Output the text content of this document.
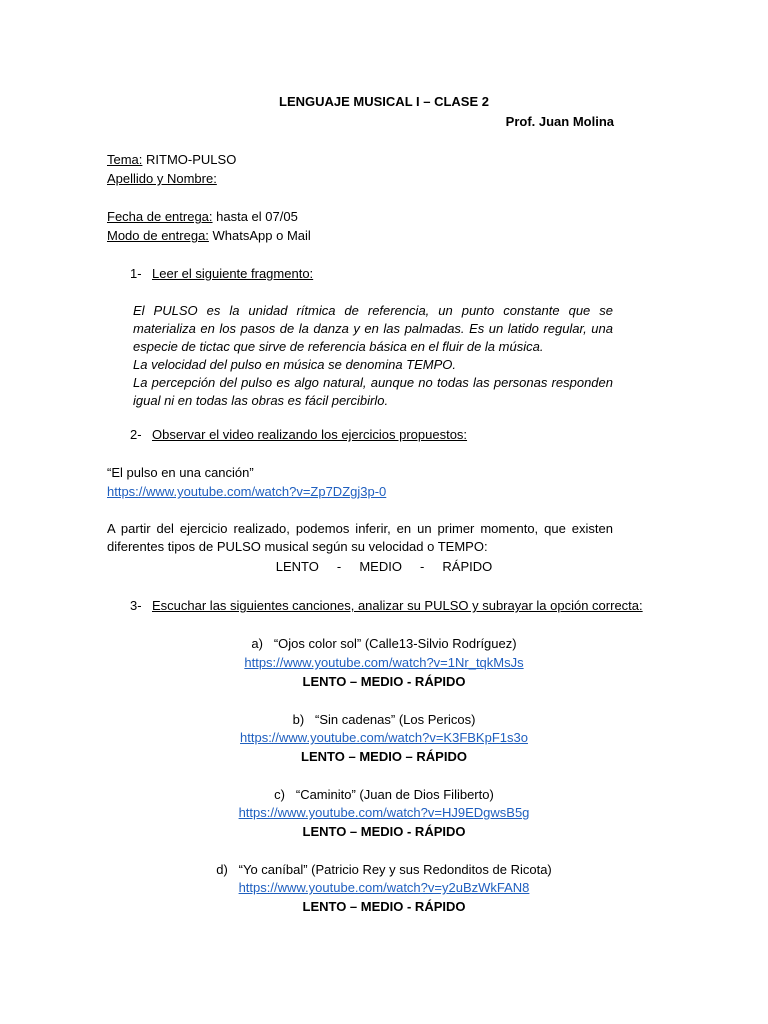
LENGUAJE MUSICAL I – CLASE 2
Prof. Juan Molina
Tema: RITMO-PULSO
Apellido y Nombre:
Fecha de entrega: hasta el 07/05
Modo de entrega: WhatsApp o Mail
1- Leer el siguiente fragmento:
El PULSO es la unidad rítmica de referencia, un punto constante que se materializa en los pasos de la danza y en las palmadas. Es un latido regular, una especie de tictac que sirve de referencia básica en el fluir de la música.
La velocidad del pulso en música se denomina TEMPO.
La percepción del pulso es algo natural, aunque no todas las personas responden igual ni en todas las obras es fácil percibirlo.
2- Observar el video realizando los ejercicios propuestos:
“El pulso en una canción”
https://www.youtube.com/watch?v=Zp7DZgj3p-0
A partir del ejercicio realizado, podemos inferir, en un primer momento, que existen diferentes tipos de PULSO musical según su velocidad o TEMPO:
LENTO     -     MEDIO     -     RÁPIDO
3- Escuchar las siguientes canciones, analizar su PULSO y subrayar la opción correcta:
a) “Ojos color sol” (Calle13-Silvio Rodríguez)
https://www.youtube.com/watch?v=1Nr_tqkMsJs
LENTO – MEDIO - RÁPIDO
b) “Sin cadenas” (Los Pericos)
https://www.youtube.com/watch?v=K3FBKpF1s3o
LENTO – MEDIO – RÁPIDO
c) “Caminito” (Juan de Dios Filiberto)
https://www.youtube.com/watch?v=HJ9EDgwsB5g
LENTO – MEDIO - RÁPIDO
d) “Yo caníbal” (Patricio Rey y sus Redonditos de Ricota)
https://www.youtube.com/watch?v=y2uBzWkFAN8
LENTO – MEDIO - RÁPIDO
